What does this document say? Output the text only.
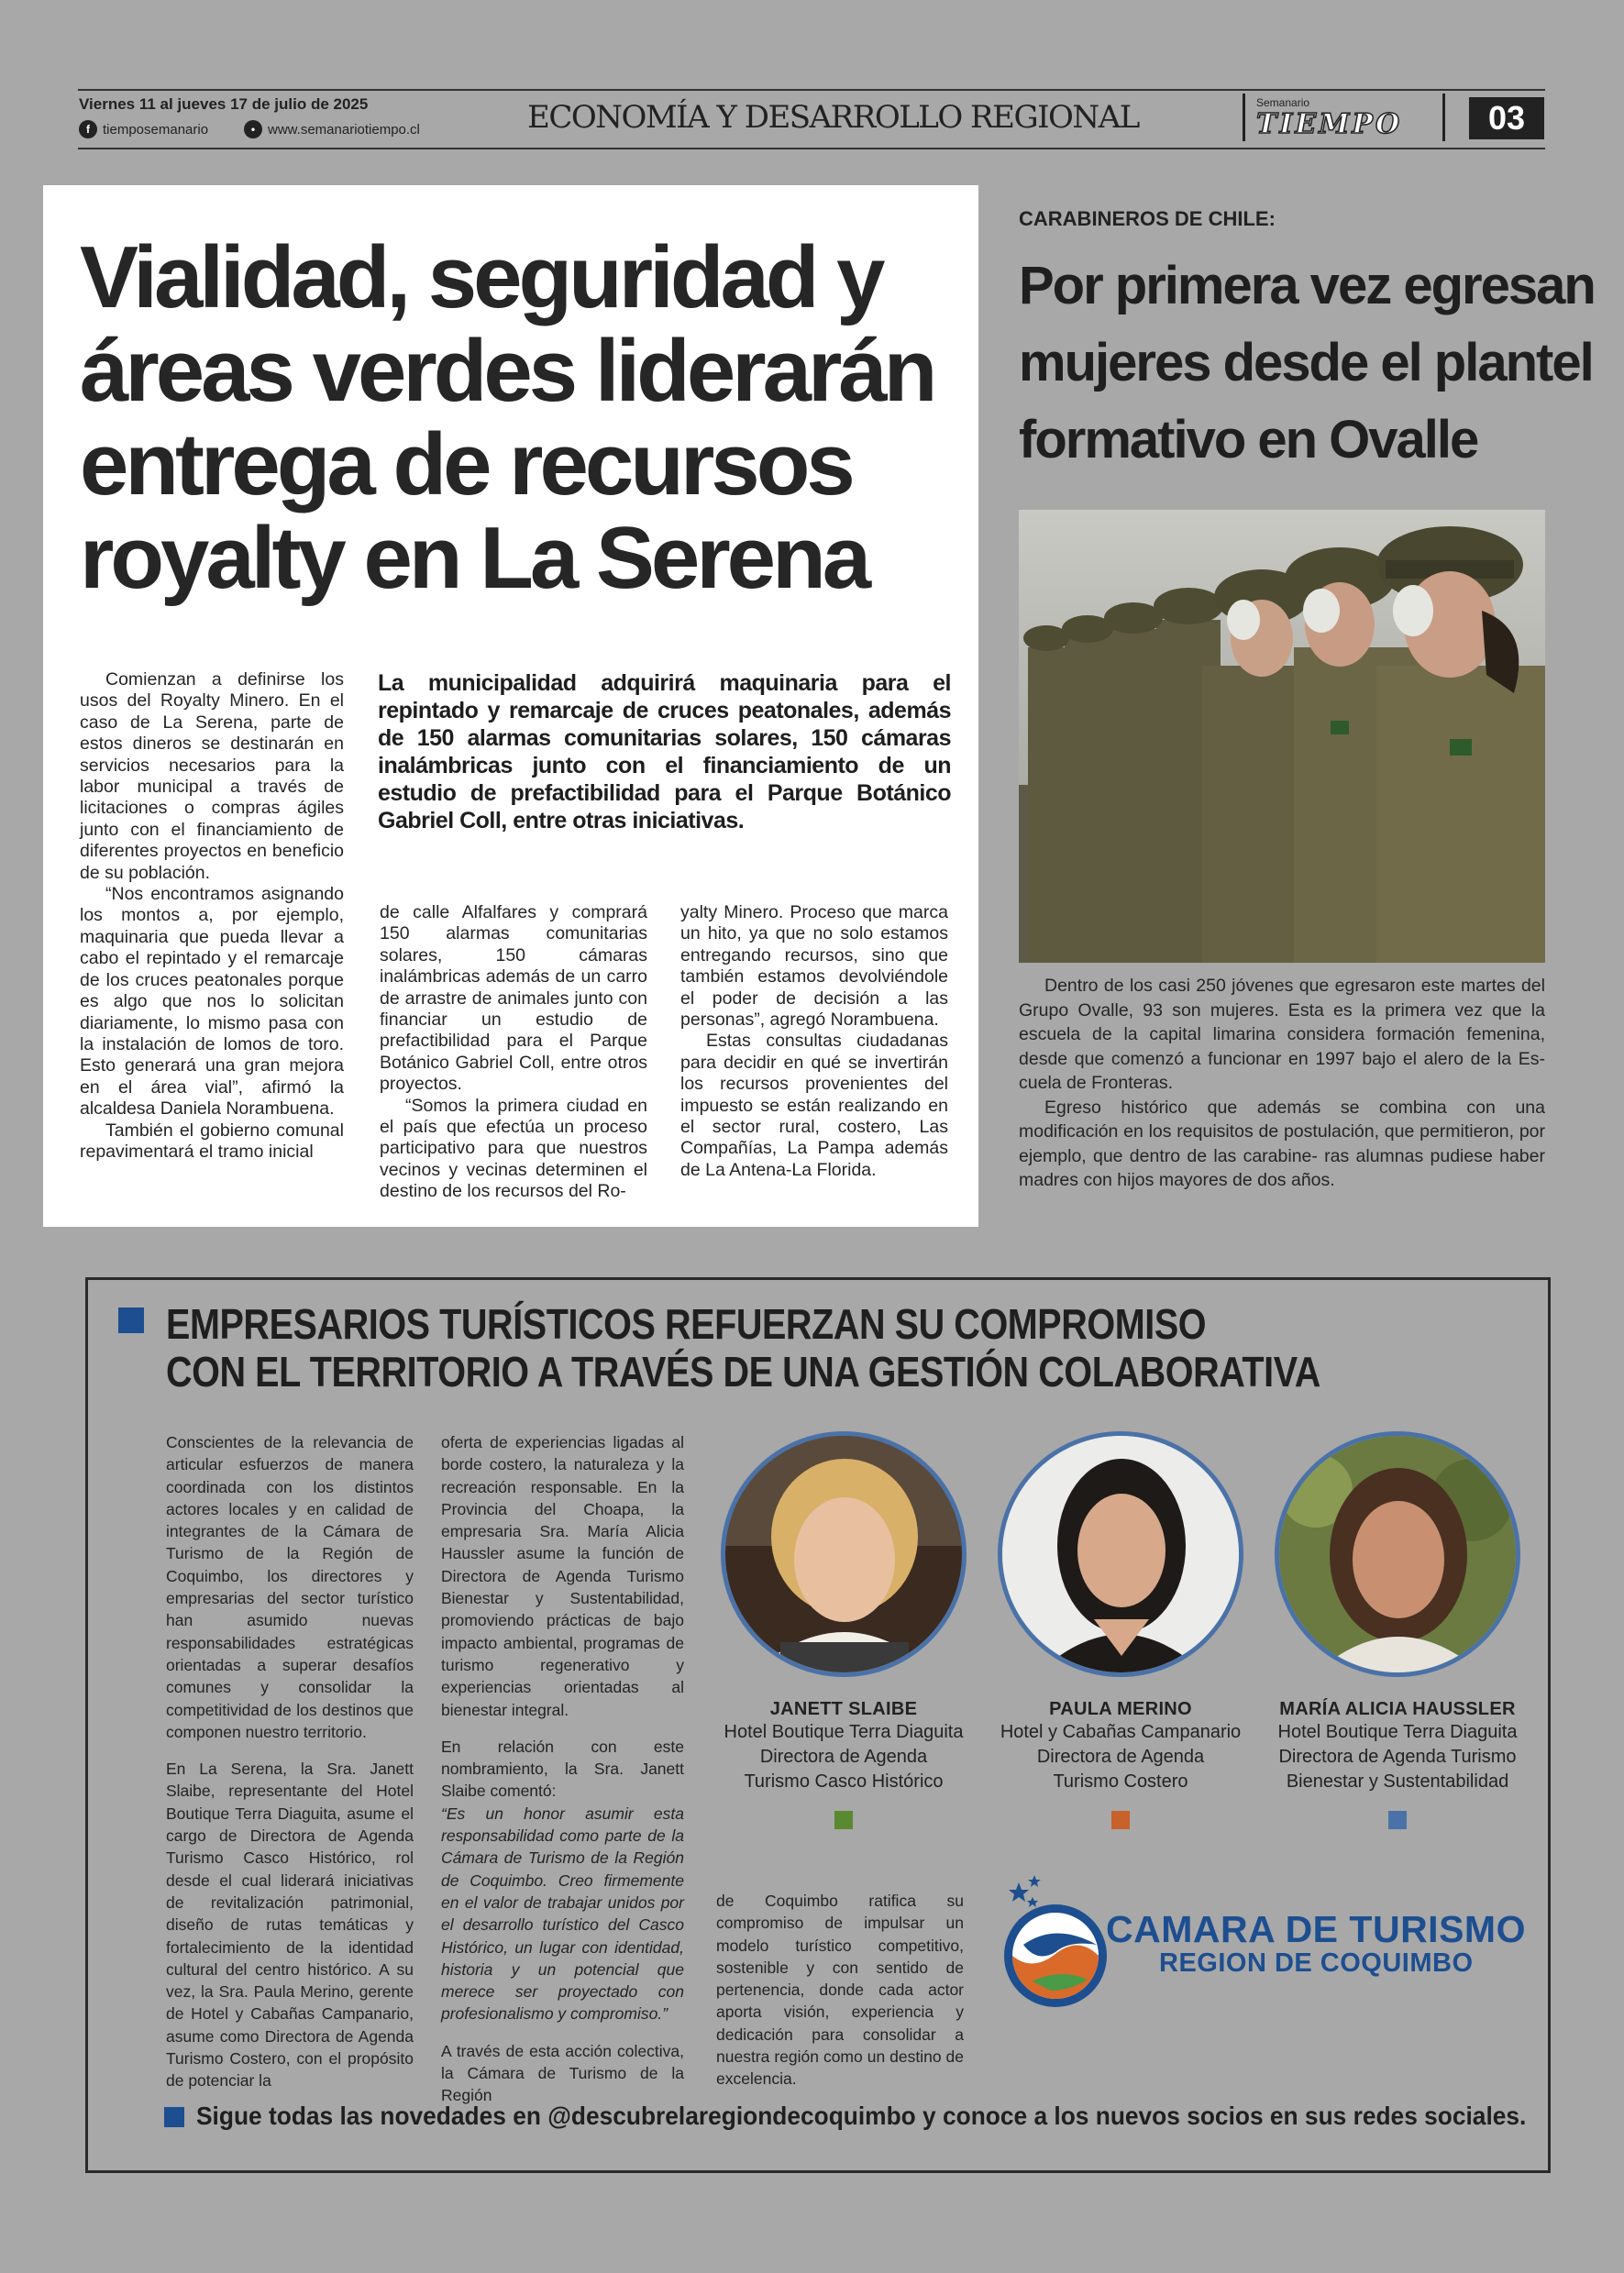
Viernes 11 al jueves 17 de julio de 2025
f tiemposemanario	• www.semanariotiempo.cl	ECONOMÍA Y DESARROLLO REGIONAL	Semanario
TIEMPO	03
Vialidad, seguridad y áreas verdes liderarán entrega de recursos royalty en La Serena
La municipalidad adquirirá maquinaria para el repintado y remarcaje de cruces peatonales, además de 150 alarmas comunitarias solares, 150 cámaras inalámbricas junto con el financiamiento de un estudio de prefactibilidad para el Parque Botánico Gabriel Coll, entre otras iniciativas.

Comienzan a definirse los usos del Royalty Minero. En el caso de La Serena, parte de estos dineros se destinarán en servicios necesarios para la labor municipal a través de licitaciones o compras ágiles junto con el financiamiento de diferentes proyectos en beneficio de su población.

“Nos encontramos asignando los montos a, por ejemplo, maquinaria que pueda llevar a cabo el repintado y el remarcaje de los cruces peatonales porque es algo que nos lo solicitan diariamente, lo mismo pasa con la instalación de lomos de toro. Esto generará una gran mejora en el área vial”, afirmó la alcaldesa Daniela Norambuena.

También el gobierno comunal repavimentará el tramo inicial

de calle Alfalfares y comprará 150 alarmas comunitarias solares, 150 cámaras inalámbricas además de un carro de arrastre de animales junto con financiar un estudio de prefactibilidad para el Parque Botánico Gabriel Coll, entre otros proyectos.

“Somos la primera ciudad en el país que efectúa un proceso participativo para que nuestros vecinos y vecinas determinen el destino de los recursos del Ro-

yalty Minero. Proceso que marca un hito, ya que no solo estamos entregando recursos, sino que también estamos devolviéndole el poder de decisión a las personas”, agregó Norambuena.

Estas consultas ciudadanas para decidir en qué se invertirán los recursos provenientes del impuesto se están realizando en el sector rural, costero, Las Compañías, La Pampa además de La Antena-La Florida.

CARABINEROS DE CHILE:
Por primera vez egresan mujeres desde el plantel formativo en Ovalle

Dentro de los casi 250 jóvenes que egresaron este martes del Grupo Ovalle, 93 son mujeres. Esta es la primera vez que la escuela de la capital limarina considera formación femenina, desde que comenzó a funcionar en 1997 bajo el alero de la Es- cuela de Fronteras.

Egreso histórico que además se combina con una modificación en los requisitos de postulación, que permitieron, por ejemplo, que dentro de las carabine- ras alumnas pudiese haber madres con hijos mayores de dos años.

EMPRESARIOS TURÍSTICOS REFUERZAN SU COMPROMISO
CON EL TERRITORIO A TRAVÉS DE UNA GESTIÓN COLABORATIVA

Conscientes de la relevancia de articular esfuerzos de manera coordinada con los distintos actores locales y en calidad de integrantes de la Cámara de Turismo de la Región de Coquimbo, los directores y empresarias del sector turístico han asumido nuevas responsabilidades estratégicas orientadas a superar desafíos comunes y consolidar la competitividad de los destinos que componen nuestro territorio.

En La Serena, la Sra. Janett Slaibe, representante del Hotel Boutique Terra Diaguita, asume el cargo de Directora de Agenda Turismo Casco Histórico, rol desde el cual liderará iniciativas de revitalización patrimonial, diseño de rutas temáticas y fortalecimiento de la identidad cultural del centro histórico. A su vez, la Sra. Paula Merino, gerente de Hotel y Cabañas Campanario, asume como Directora de Agenda Turismo Costero, con el propósito de potenciar la

oferta de experiencias ligadas al borde costero, la naturaleza y la recreación responsable. En la Provincia del Choapa, la empresaria Sra. María Alicia Haussler asume la función de Directora de Agenda Turismo Bienestar y Sustentabilidad, promoviendo prácticas de bajo impacto ambiental, programas de turismo regenerativo y experiencias orientadas al bienestar integral.

En relación con este nombramiento, la Sra. Janett Slaibe comentó:

“Es un honor asumir esta responsabilidad como parte de la Cámara de Turismo de la Región de Coquimbo. Creo firmemente en el valor de trabajar unidos por el desarrollo turístico del Casco Histórico, un lugar con identidad, historia y un potencial que merece ser proyectado con profesionalismo y compromiso.”

A través de esta acción colectiva, la Cámara de Turismo de la Región

de Coquimbo ratifica su compromiso de impulsar un modelo turístico competitivo, sostenible y con sentido de pertenencia, donde cada actor aporta visión, experiencia y dedicación para consolidar a nuestra región como un destino de excelencia.

JANETT SLAIBE
Hotel Boutique Terra Diaguita
Directora de Agenda
Turismo Casco Histórico
PAULA MERINO
Hotel y Cabañas Campanario
Directora de Agenda
Turismo Costero
MARÍA ALICIA HAUSSLER
Hotel Boutique Terra Diaguita
Directora de Agenda Turismo
Bienestar y Sustentabilidad
CAMARA DE TURISMO
REGION DE COQUIMBO
Sigue todas las novedades en @descubrelaregiondecoquimbo y conoce a los nuevos socios en sus redes sociales.
